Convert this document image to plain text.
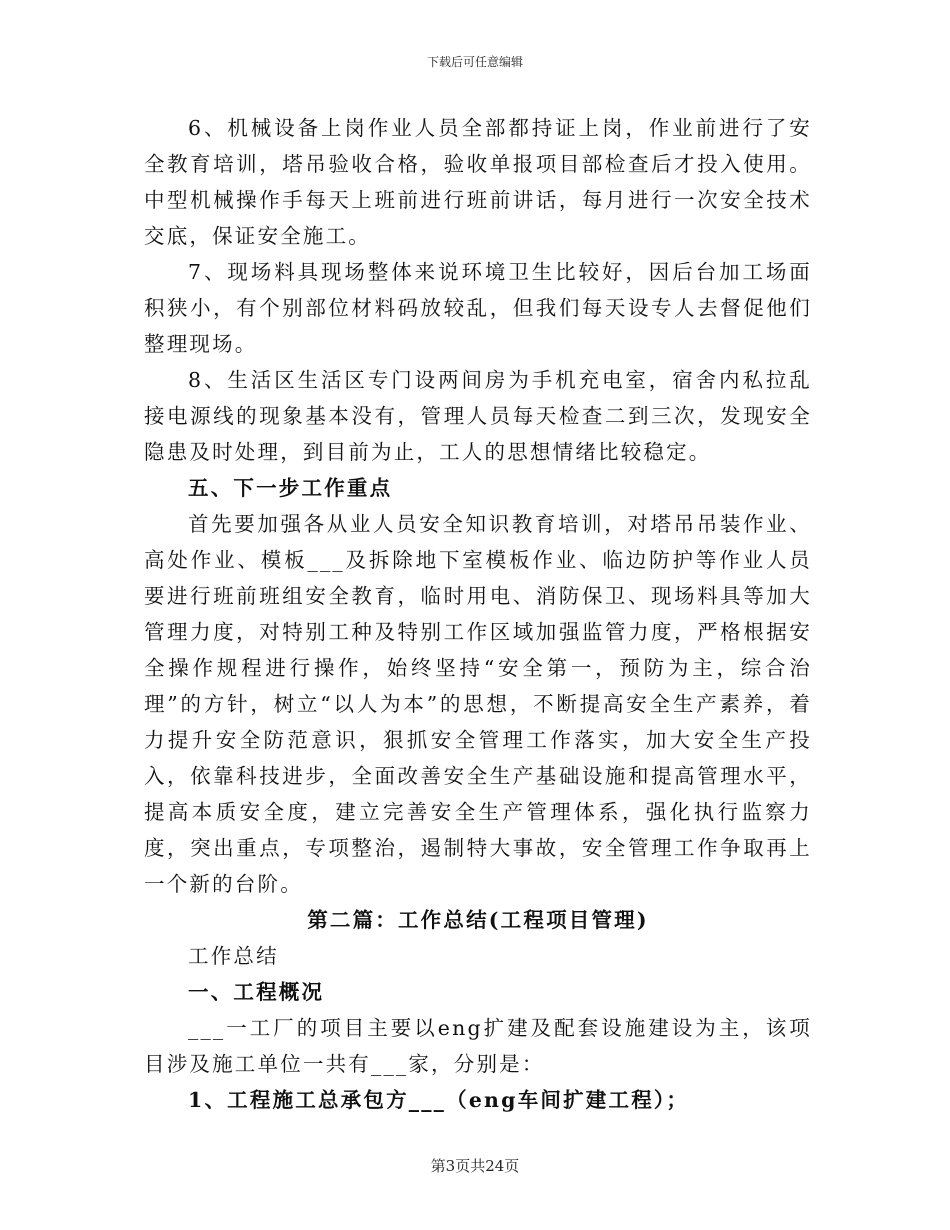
下载后可任意编辑

6、机械设备上岗作业人员全部都持证上岗，作业前进行了安全教育培训，塔吊验收合格，验收单报项目部检查后才投入使用。中型机械操作手每天上班前进行班前讲话，每月进行一次安全技术交底，保证安全施工。

7、现场料具现场整体来说环境卫生比较好，因后台加工场面积狭小，有个别部位材料码放较乱，但我们每天设专人去督促他们整理现场。

8、生活区生活区专门设两间房为手机充电室，宿舍内私拉乱接电源线的现象基本没有，管理人员每天检查二到三次，发现安全隐患及时处理，到目前为止，工人的思想情绪比较稳定。

五、下一步工作重点

首先要加强各从业人员安全知识教育培训，对塔吊吊装作业、高处作业、模板___及拆除地下室模板作业、临边防护等作业人员要进行班前班组安全教育，临时用电、消防保卫、现场料具等加大管理力度，对特别工种及特别工作区域加强监管力度，严格根据安全操作规程进行操作，始终坚持“安全第一，预防为主，综合治理”的方针，树立“以人为本”的思想，不断提高安全生产素养，着力提升安全防范意识，狠抓安全管理工作落实，加大安全生产投入，依靠科技进步，全面改善安全生产基础设施和提高管理水平，提高本质安全度，建立完善安全生产管理体系，强化执行监察力度，突出重点，专项整治，遏制特大事故，安全管理工作争取再上一个新的台阶。

第二篇：工作总结(工程项目管理)

工作总结

一、工程概况

___一工厂的项目主要以eng扩建及配套设施建设为主，该项目涉及施工单位一共有___家，分别是：

1、工程施工总承包方___（eng车间扩建工程）；

第3页共24页
